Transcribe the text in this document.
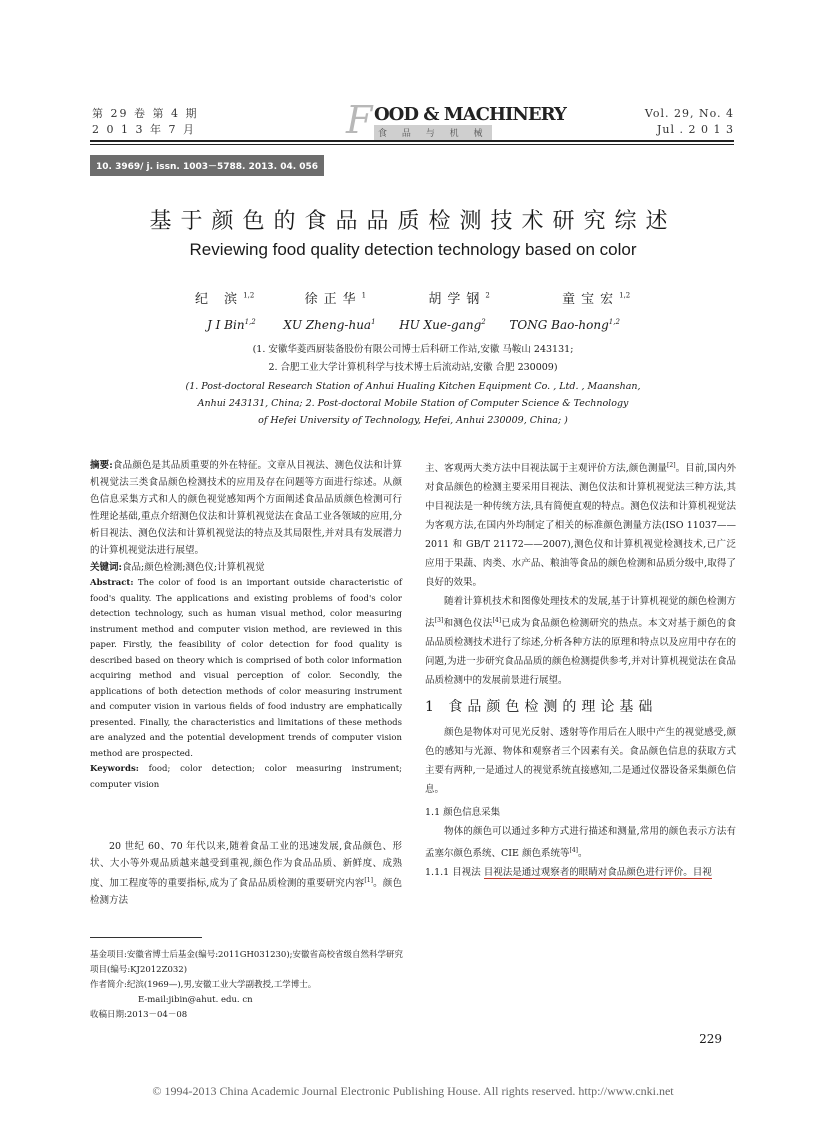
第 29 卷 第 4 期
2 0 1 3 年 7 月	F OOD & MACHINERY
食 品 与 机 械
Vol. 29, No. 4
Jul . 2 0 1 3
10. 3969/ j. issn. 1003－5788. 2013. 04. 056
基于颜色的食品品质检测技术研究综述
Reviewing food quality detection technology based on color
纪 滨$^{1,2}$	徐正华$^1$	胡学钢$^2$	童宝宏$^{1,2}$
J I Bin$^{1,2}$ XU Zheng-hua$^1$ HU Xue-gang$^2$ TONG Bao-hong$^{1,2}$
(1. 安徽华菱西厨装备股份有限公司博士后科研工作站,安徽 马鞍山 243131;
2. 合肥工业大学计算机科学与技术博士后流动站,安徽 合肥 230009)
(1. Post-doctoral Research Station of Anhui Hualing Kitchen Equipment Co. , Ltd. , Maanshan,
Anhui 243131, China; 2. Post-doctoral Mobile Station of Computer Science & Technology
of Hefei University of Technology, Hefei, Anhui 230009, China; )

摘要:食品颜色是其品质重要的外在特征。文章从目视法、测色仪法和计算机视觉法三类食品颜色检测技术的应用及存在问题等方面进行综述。从颜色信息采集方式和人的颜色视觉感知两个方面阐述食品品质颜色检测可行性理论基础,重点介绍测色仪法和计算机视觉法在食品工业各领域的应用,分析目视法、测色仪法和计算机视觉法的特点及其局限性,并对具有发展潜力的计算机视觉法进行展望。

关键词:食品;颜色检测;测色仪;计算机视觉

Abstract: The color of food is an important outside characteristic of food's quality. The applications and existing problems of food's color detection technology, such as human visual method, color measuring instrument method and computer vision method, are reviewed in this paper. Firstly, the feasibility of color detection for food quality is described based on theory which is comprised of both color information acquiring method and visual perception of color. Secondly, the applications of both detection methods of color measuring instrument and computer vision in various fields of food industry are emphatically presented. Finally, the characteristics and limitations of these methods are analyzed and the potential development trends of computer vision method are prospected.

Keywords: food; color detection; color measuring instrument; computer vision

20 世纪 60、70 年代以来,随着食品工业的迅速发展,食品颜色、形状、大小等外观品质越来越受到重视,颜色作为食品品质、新鲜度、成熟度、加工程度等的重要指标,成为了食品品质检测的重要研究内容[1]。颜色检测方法

基金项目:安徽省博士后基金(编号:2011GH031230);安徽省高校省级自然科学研究项目(编号:KJ2012Z032)
作者简介:纪滨(1969—),男,安徽工业大学副教授,工学博士。
E-mail:jibin@ahut. edu. cn
收稿日期:2013－04－08

主、客观两大类方法中目视法属于主观评价方法,颜色测量[2]。目前,国内外对食品颜色的检测主要采用目视法、测色仪法和计算机视觉法三种方法,其中目视法是一种传统方法,具有简便直观的特点。测色仪法和计算机视觉法为客观方法,在国内外均制定了相关的标准颜色测量方法(ISO 11037——2011 和 GB/T 21172——2007),测色仪和计算机视觉检测技术,已广泛应用于果蔬、肉类、水产品、粮油等食品的颜色检测和品质分级中,取得了良好的效果。

随着计算机技术和图像处理技术的发展,基于计算机视觉的颜色检测方法[3]和测色仪法[4]已成为食品颜色检测研究的热点。本文对基于颜色的食品品质检测技术进行了综述,分析各种方法的原理和特点以及应用中存在的问题,为进一步研究食品品质的颜色检测提供参考,并对计算机视觉法在食品品质检测中的发展前景进行展望。

1 食品颜色检测的理论基础

颜色是物体对可见光反射、透射等作用后在人眼中产生的视觉感受,颜色的感知与光源、物体和观察者三个因素有关。食品颜色信息的获取方式主要有两种,一是通过人的视觉系统直接感知,二是通过仪器设备采集颜色信息。

1.1 颜色信息采集

物体的颜色可以通过多种方式进行描述和测量,常用的颜色表示方法有孟塞尔颜色系统、CIE 颜色系统等[4]。

1.1.1 目视法 目视法是通过观察者的眼睛对食品颜色进行评价。目视

229
© 1994-2013 China Academic Journal Electronic Publishing House. All rights reserved. http://www.cnki.net
